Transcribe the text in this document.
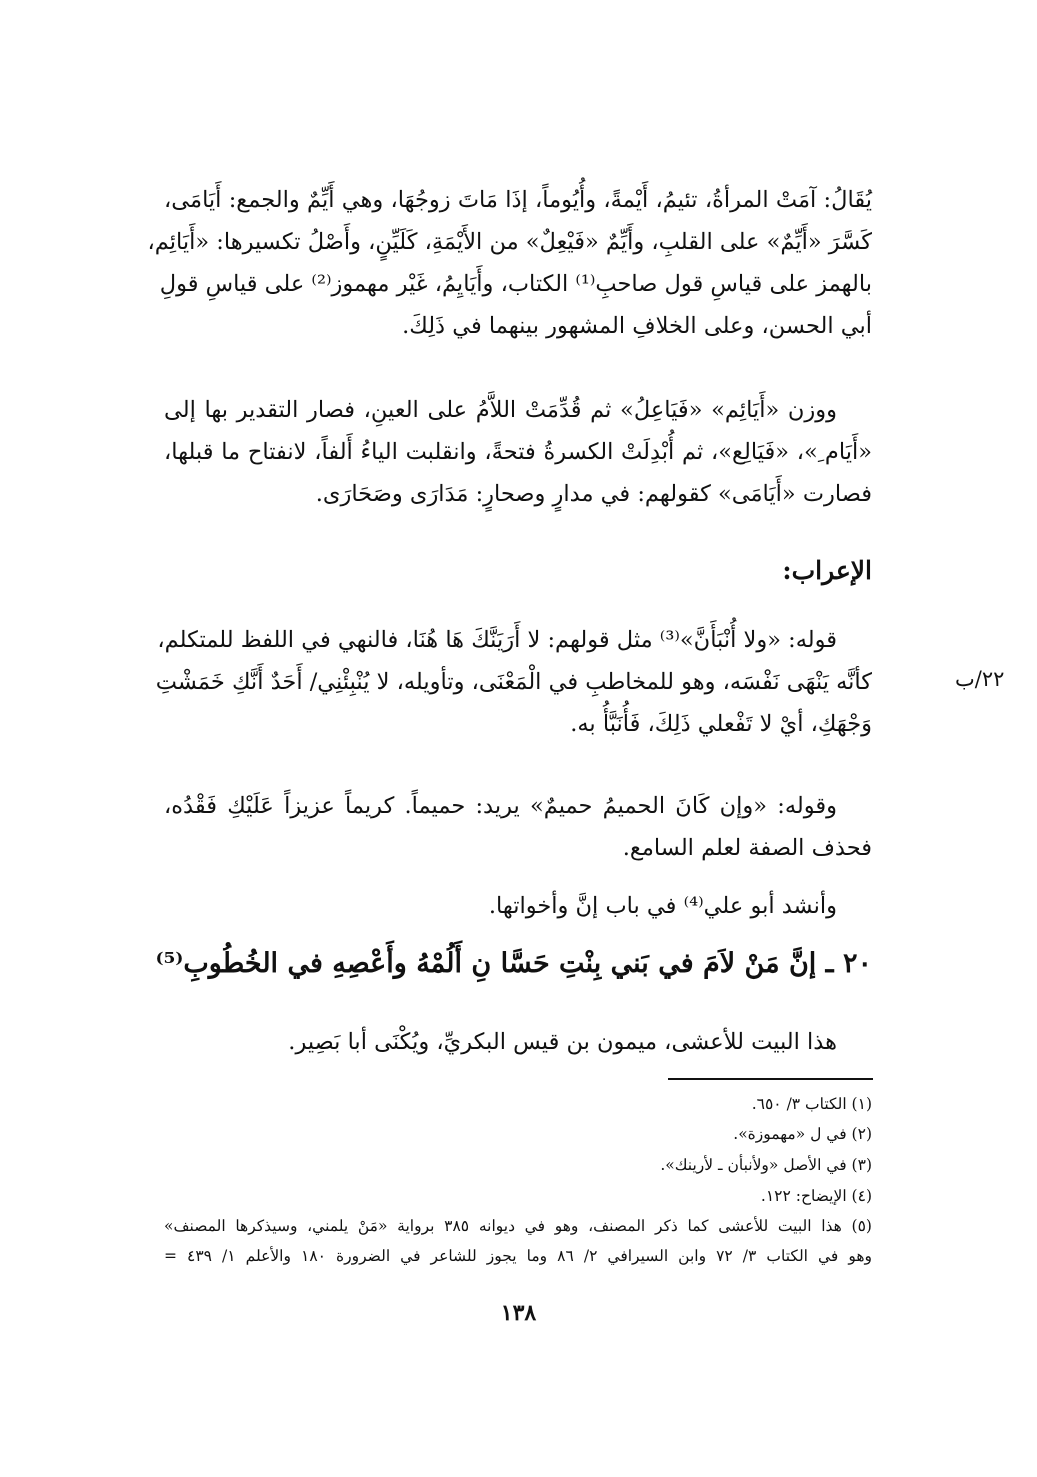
يُقَالُ: آمَتْ المرأةُ، تئيمُ، أَيْمةً، وأُيُوماً، إذَا مَاتَ زوجُهَا، وهي أَيِّمٌ والجمع: أَيَامَى،
كَسَّرَ «أَيِّمٌ» على القلبِ، وأَيِّمٌ «فَيْعِلٌ» من الأَيْمَةِ، كَلَيِّنٍ، وأَصْلُ تكسيرها: «أَيَائِم،
بالهمز على قياسِ قول صاحبِ⁽¹⁾ الكتاب، وأَيَايِمُ، غَيْر مهموز⁽²⁾ على قياسِ قولِ
أبي الحسن، وعلى الخلافِ المشهور بينهما في ذَلِكَ.
ووزن «أَيَائِم» «فَيَاعِلُ» ثم قُدِّمَتْ اللاَّمُ على العينِ، فصار التقدير بها إلى
«أَيَام ِ»، «فَيَالِع»، ثم أُبْدِلَتْ الكسرةُ فتحةً، وانقلبت الياءُ أَلفاً، لانفتاح ما قبلها،
فصارت «أَيَامَى» كقولهم: في مدارٍ وصحارٍ: مَدَارَى وصَحَارَى.
الإعراب:
قوله: «ولا أُنْبَأَنَّ»⁽³⁾ مثل قولهم: لا أَرَيَنَّكَ هَا هُنَا، فالنهي في اللفظ للمتكلم،
كأنَّه يَنْهَى نَفْسَه، وهو للمخاطبِ في الْمَعْنَى، وتأويله، لا يُنْبِئْنِي/ أَحَدٌ أَنَّكِ خَمَشْتِ
وَجْهَكِ، أيْ لا تَفْعلي ذَلِكَ، فَأُنَبَّأُ به.
٢٢/ب
وقوله: «وإن كَانَ الحميمُ حميمٌ» يريد: حميماً. كريماً عزيزاً عَلَيْكِ فَقْدُه،
فحذف الصفة لعلم السامع.
وأنشد أبو علي⁽⁴⁾ في باب إنَّ وأخواتها.
٢٠ ـ إنَّ مَنْ لاَمَ في بَني بِنْتِ حَسَّا نِ أَلُمْهُ وأَعْصِهِ في الخُطُوبِ⁽⁵⁾
هذا البيت للأعشى، ميمون بن قيس البكريِّ، ويُكْنَى أبا بَصِير.
(١) الكتاب ٣/ ٦٥٠.
(٢) في ل «مهموزة».
(٣) في الأصل «ولأنبأن ـ لأرينك».
(٤) الإيضاح: ١٢٢.
(٥) هذا البيت للأعشى كما ذكر المصنف، وهو في ديوانه ٣٨٥ برواية «مَنْ يلمني، وسيذكرها المصنف»
وهو في الكتاب ٣/ ٧٢ وابن السيرافي ٢/ ٨٦ وما يجوز للشاعر في الضرورة ١٨٠ والأعلم ١/ ٤٣٩ =
١٣٨
